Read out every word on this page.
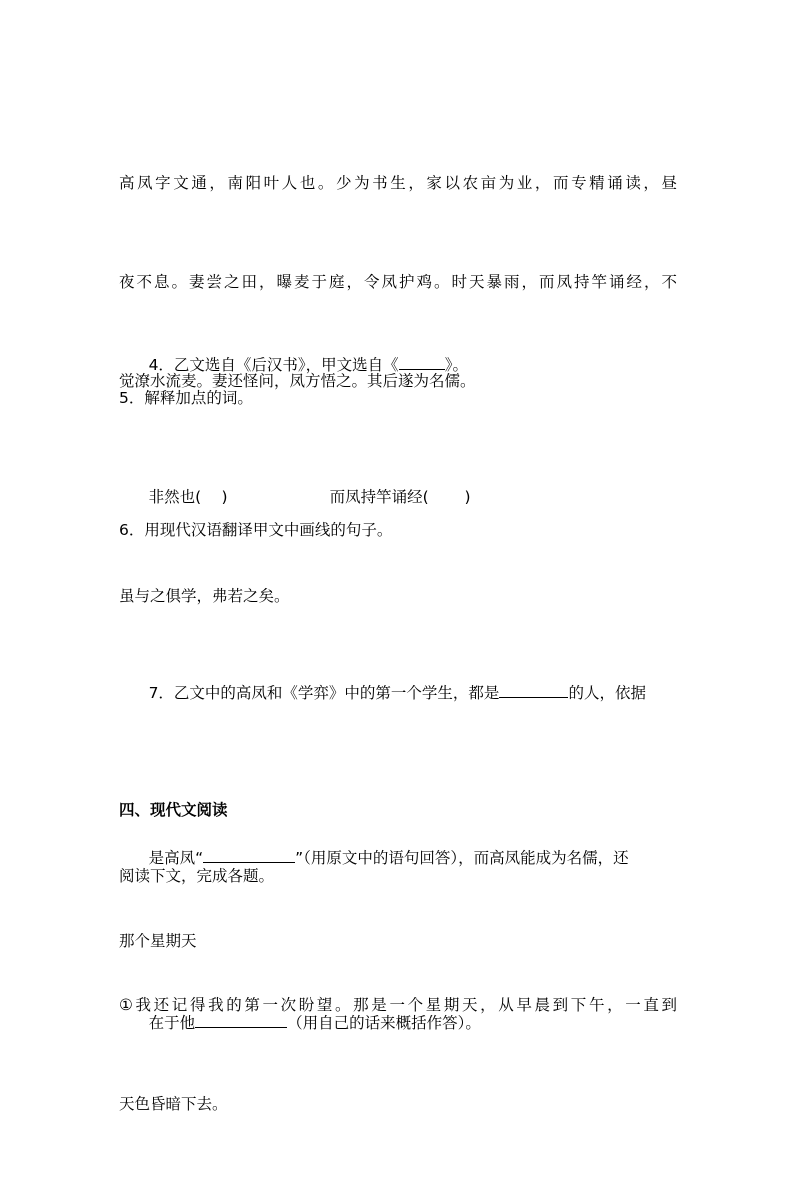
高凤字文通，南阳叶人也。少为书生，家以农亩为业，而专精诵读，昼

夜不息。妻尝之田，曝麦于庭，令凤护鸡。时天暴雨，而凤持竿诵经，不

觉潦水流麦。妻还怪问，凤方悟之。其后遂为名儒。

4．乙文选自《后汉书》，甲文选自《	》。

5．解释加点的词。

非然也(　 )	而凤持竿诵经(　　 )

6．用现代汉语翻译甲文中画线的句子。

虽与之俱学，弗若之矣。

7．乙文中的高凤和《学弈》中的第一个学生，都是	的人，依据

是高凤“	”（用原文中的语句回答），而高凤能成为名儒，还

在于他	（用自己的话来概括作答）。

四、现代文阅读

阅读下文，完成各题。

那个星期天

①我还记得我的第一次盼望。那是一个星期天，从早晨到下午，一直到

天色昏暗下去。
